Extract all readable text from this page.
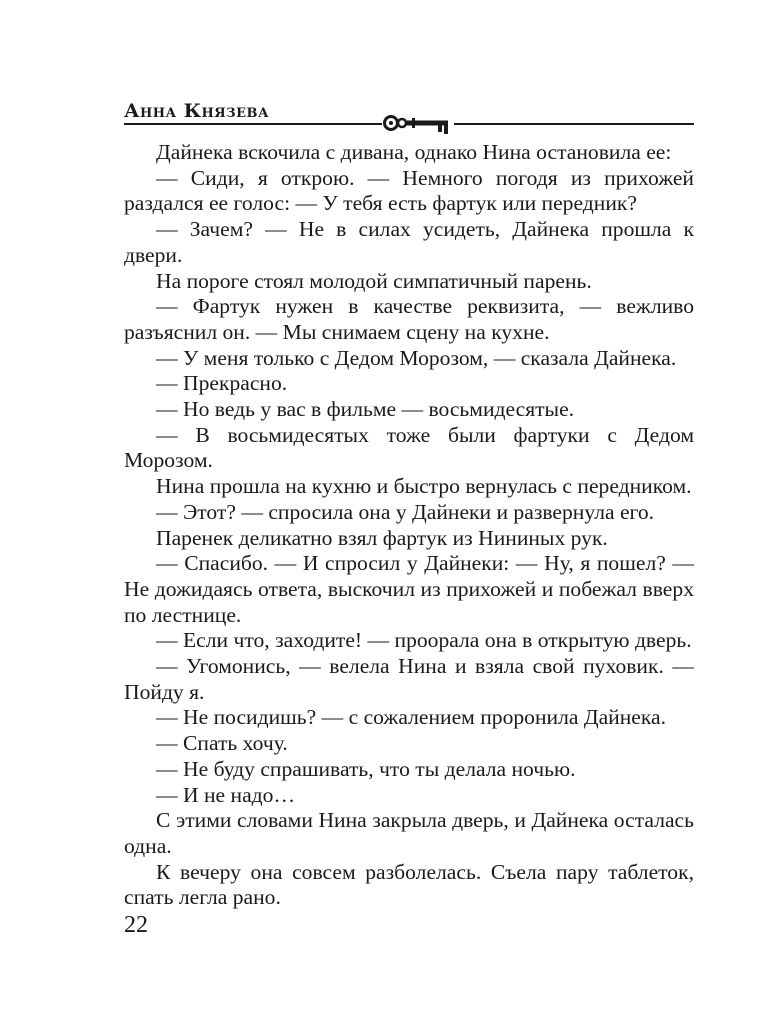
Анна Князева

Дайнека вскочила с дивана, однако Нина остановила ее:

— Сиди, я открою. — Немного погодя из прихожей раздался ее голос: — У тебя есть фартук или передник?

— Зачем? — Не в силах усидеть, Дайнека прошла к двери.

На пороге стоял молодой симпатичный парень.

— Фартук нужен в качестве реквизита, — вежливо разъяснил он. — Мы снимаем сцену на кухне.

— У меня только с Дедом Морозом, — сказала Дайнека.

— Прекрасно.

— Но ведь у вас в фильме — восьмидесятые.

— В восьмидесятых тоже были фартуки с Дедом Морозом.

Нина прошла на кухню и быстро вернулась с передником.

— Этот? — спросила она у Дайнеки и развернула его.

Паренек деликатно взял фартук из Нининых рук.

— Спасибо. — И спросил у Дайнеки: — Ну, я пошел? — Не дожидаясь ответа, выскочил из прихожей и побежал вверх по лестнице.

— Если что, заходите! — проорала она в открытую дверь.

— Угомонись, — велела Нина и взяла свой пуховик. — Пойду я.

— Не посидишь? — с сожалением проронила Дайнека.

— Спать хочу.

— Не буду спрашивать, что ты делала ночью.

— И не надо…

С этими словами Нина закрыла дверь, и Дайнека осталась одна.

К вечеру она совсем разболелась. Съела пару таблеток, спать легла рано.

22
